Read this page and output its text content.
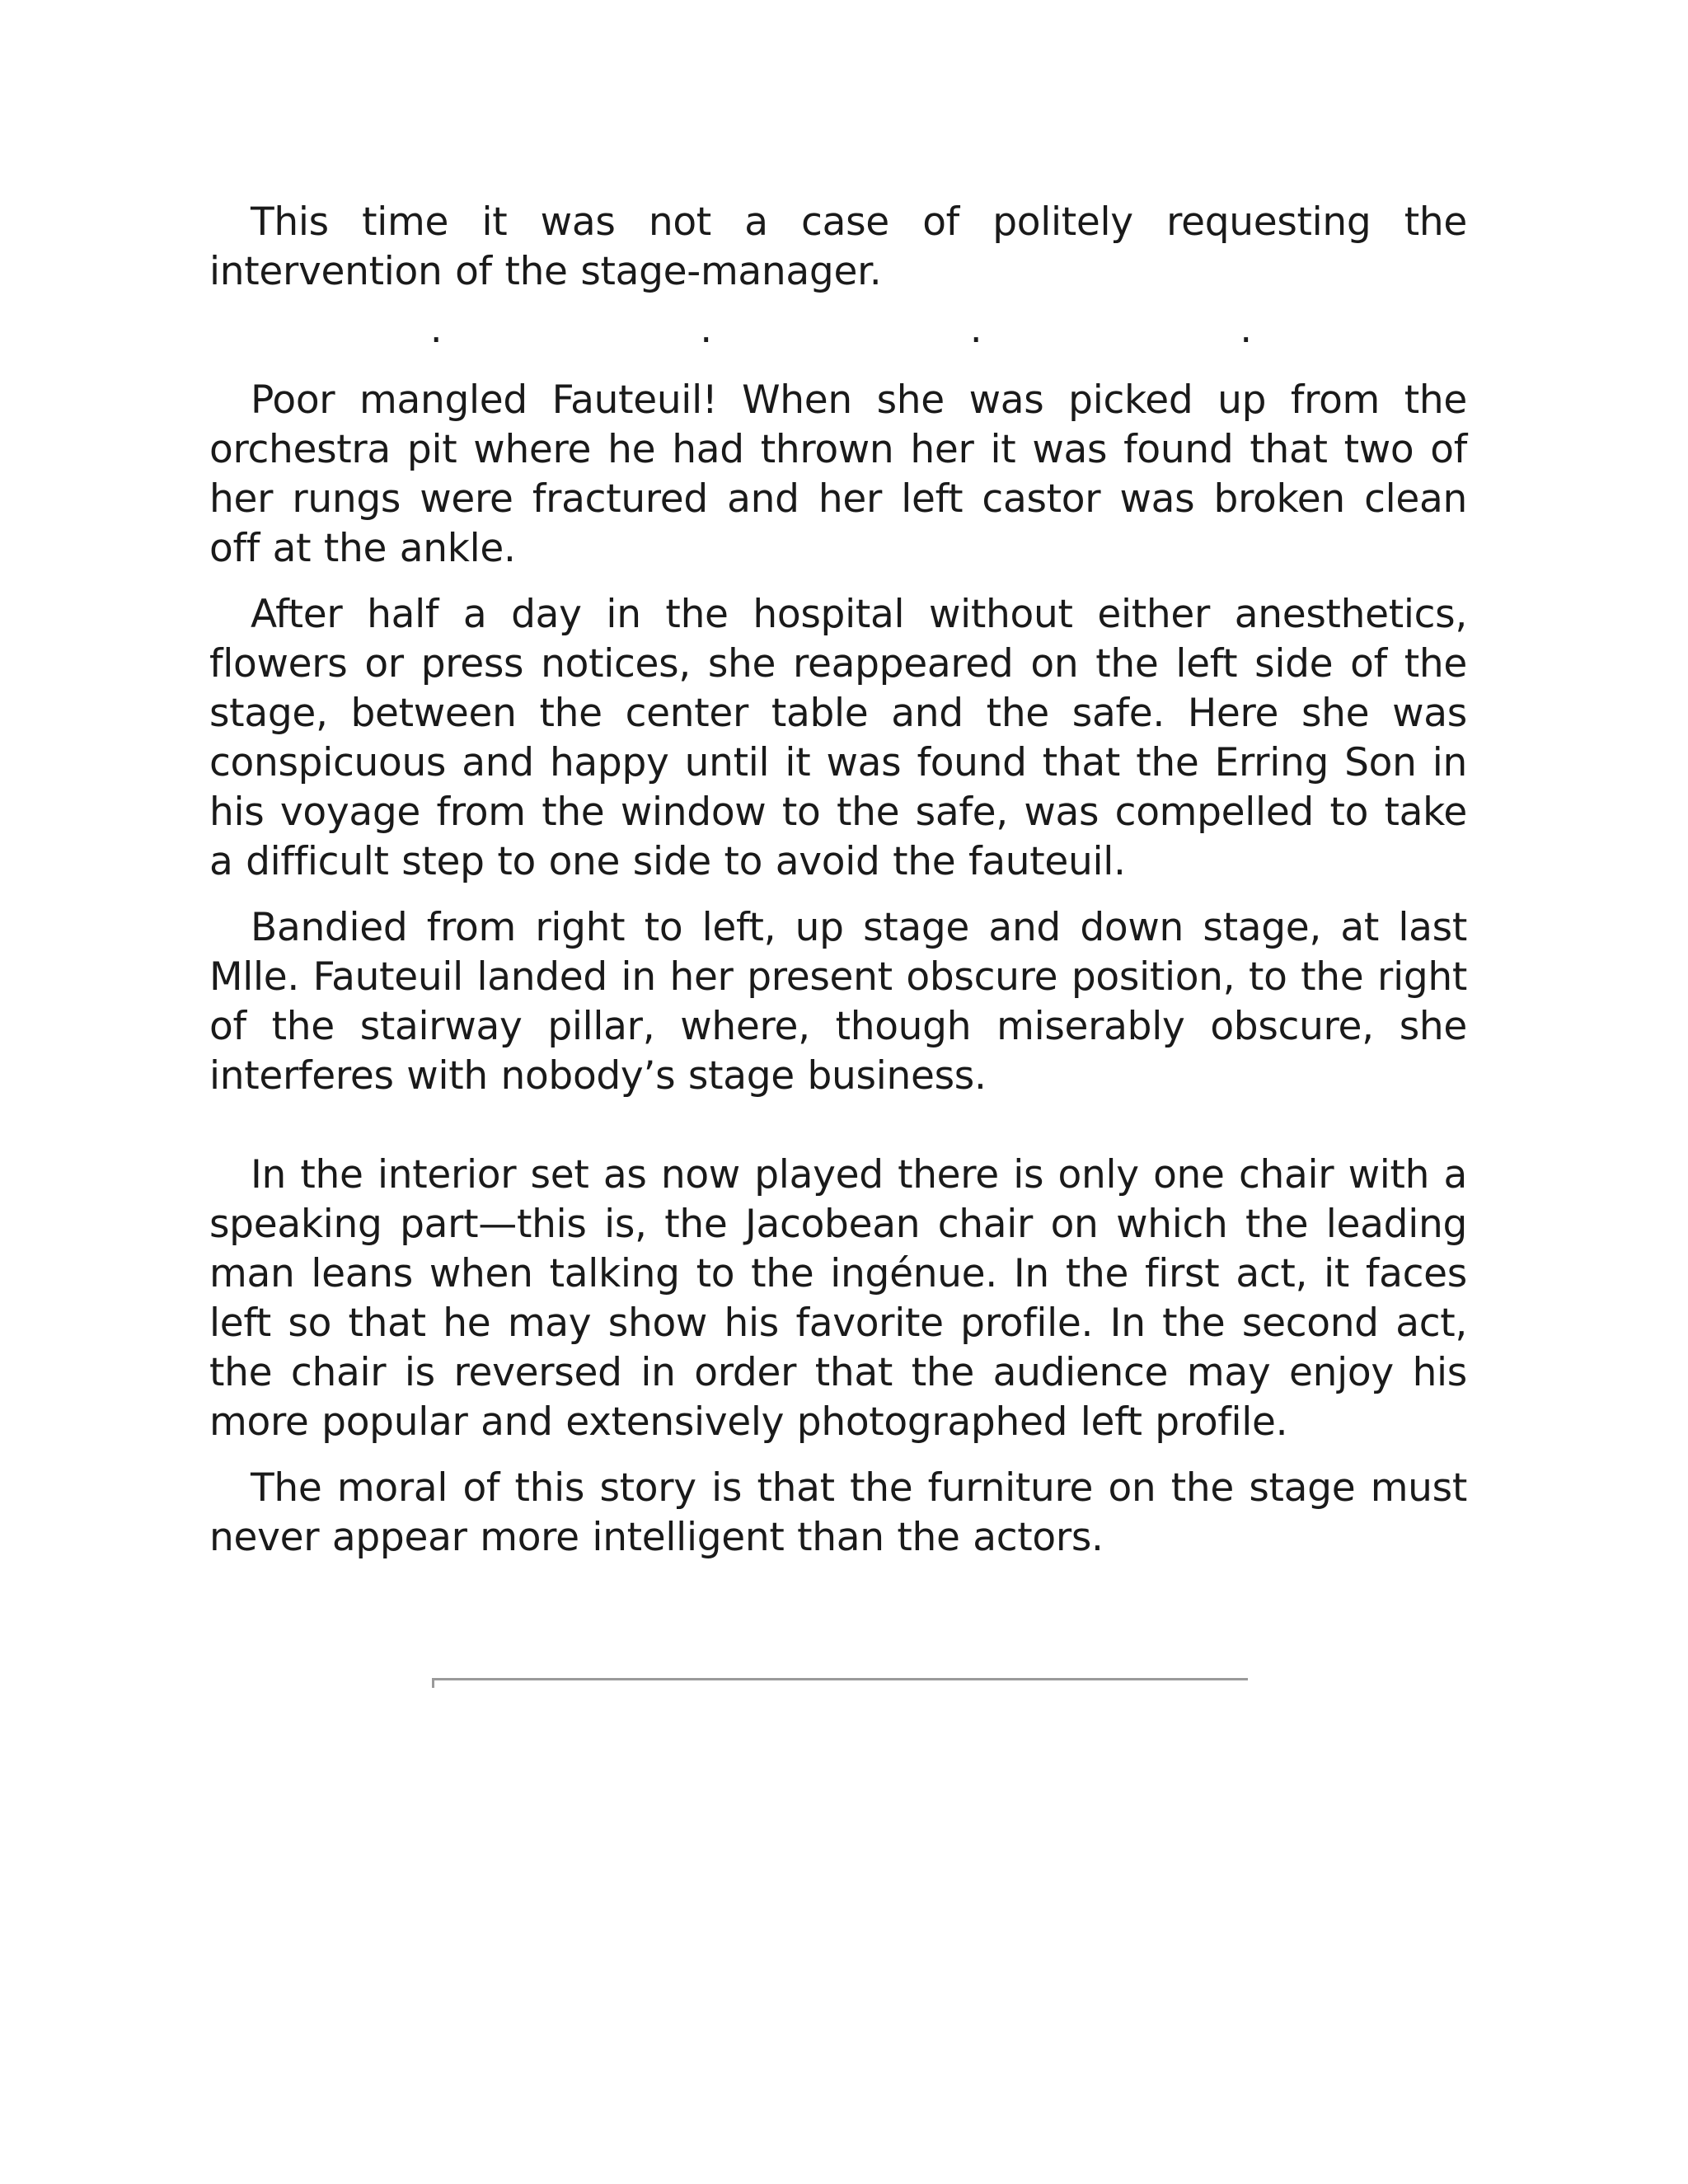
This time it was not a case of politely requesting the intervention of the stage-manager.

.	.	.	.

Poor mangled Fauteuil! When she was picked up from the orchestra pit where he had thrown her it was found that two of her rungs were fractured and her left castor was broken clean off at the ankle.

After half a day in the hospital without either anesthetics, flowers or press notices, she reappeared on the left side of the stage, between the center table and the safe. Here she was conspicuous and happy until it was found that the Erring Son in his voyage from the window to the safe, was compelled to take a difficult step to one side to avoid the fauteuil.

Bandied from right to left, up stage and down stage, at last Mlle. Fauteuil landed in her present obscure position, to the right of the stairway pillar, where, though miserably obscure, she interferes with nobody’s stage business.

In the interior set as now played there is only one chair with a speaking part—this is, the Jacobean chair on which the leading man leans when talking to the ingénue. In the first act, it faces left so that he may show his favorite profile. In the second act, the chair is reversed in order that the audience may enjoy his more popular and extensively photographed left profile.

The moral of this story is that the furniture on the stage must never appear more intelligent than the actors.
